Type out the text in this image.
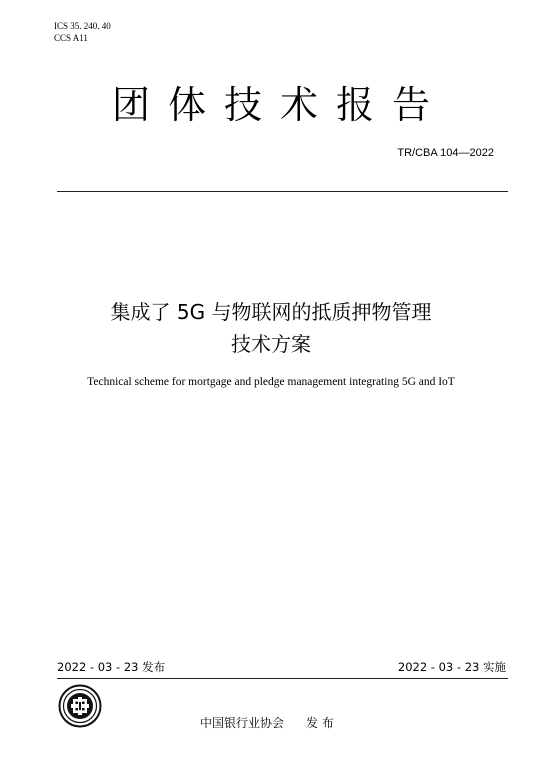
ICS 35. 240. 40
CCS A11
团体技术报告
TR/CBA 104—2022
集成了 5G 与物联网的抵质押物管理
技术方案
Technical scheme for mortgage and pledge management integrating 5G and IoT
2022 - 03 - 23 发布	2022 - 03 - 23 实施
中国银行业协会 发 布
